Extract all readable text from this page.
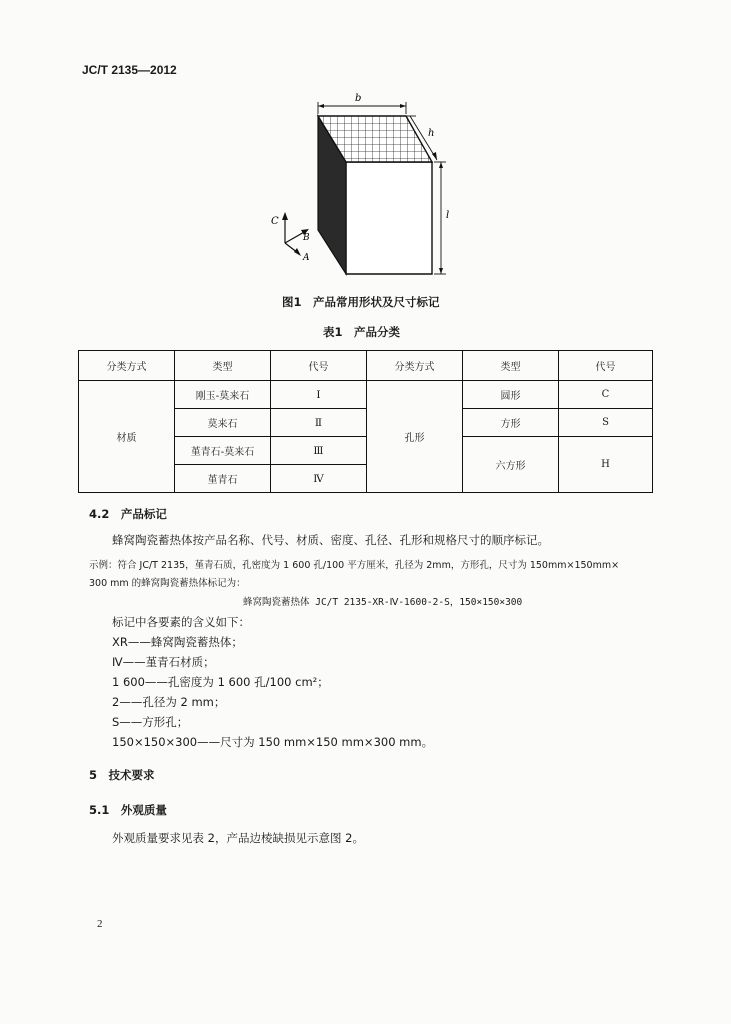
JC/T 2135—2012
b
h
l
C
B
A
图1　产品常用形状及尺寸标记
表1　产品分类
分类方式	类型	代号	分类方式	类型	代号
材质	刚玉-莫来石	Ⅰ	孔形	圆形	C
	莫来石	Ⅱ		方形	S
	堇青石-莫来石	Ⅲ		六方形	H
	堇青石	Ⅳ			
4.2　产品标记
蜂窝陶瓷蓄热体按产品名称、代号、材质、密度、孔径、孔形和规格尺寸的顺序标记。
示例：符合 JC/T 2135，堇青石质，孔密度为 1 600 孔/100 平方厘米，孔径为 2mm，方形孔，尺寸为 150mm×150mm×
300 mm 的蜂窝陶瓷蓄热体标记为：
蜂窝陶瓷蓄热体 JC/T 2135-XR-Ⅳ-1600-2-S，150×150×300
标记中各要素的含义如下：
XR——蜂窝陶瓷蓄热体；
Ⅳ——堇青石材质；
1 600——孔密度为 1 600 孔/100 cm²；
2——孔径为 2 mm；
S——方形孔；
150×150×300——尺寸为 150 mm×150 mm×300 mm。
5　技术要求
5.1　外观质量
外观质量要求见表 2，产品边棱缺损见示意图 2。
2
